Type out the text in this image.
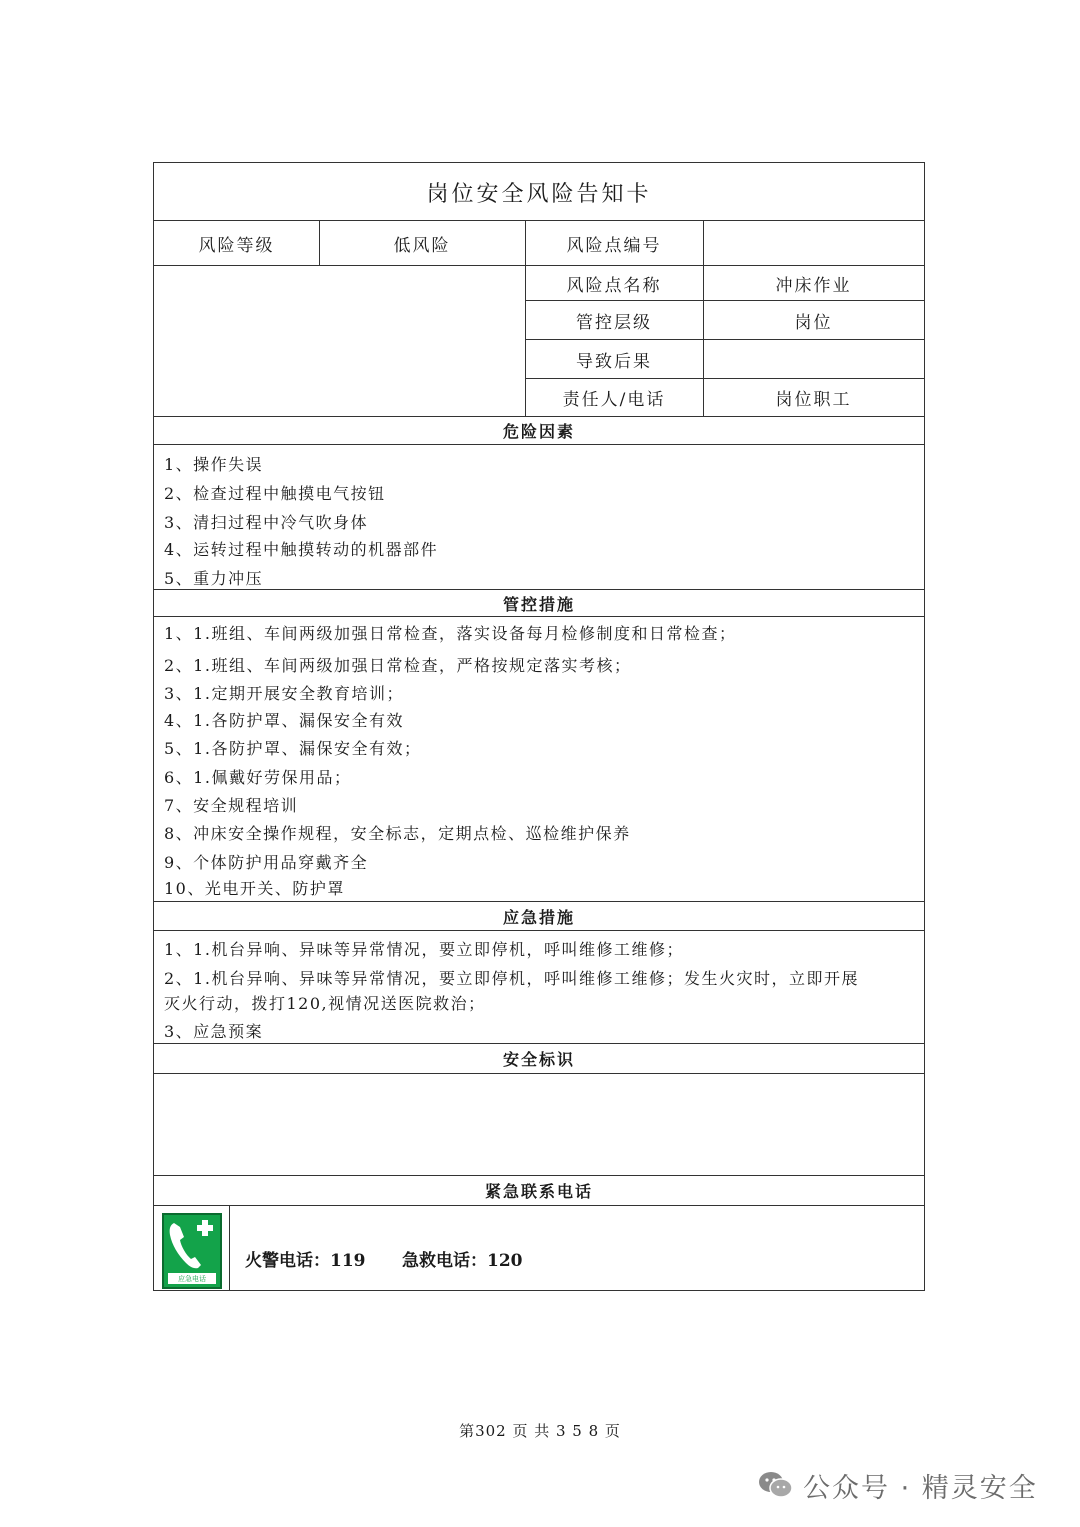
岗位安全风险告知卡
风险等级	低风险	风险点编号
风险点名称	冲床作业
管控层级	岗位
导致后果
责任人/电话	岗位职工
危险因素
1、操作失误
2、检查过程中触摸电气按钮
3、清扫过程中冷气吹身体
4、运转过程中触摸转动的机器部件
5、重力冲压
管控措施
1、1.班组、车间两级加强日常检查，落实设备每月检修制度和日常检查；
2、1.班组、车间两级加强日常检查，严格按规定落实考核；
3、1.定期开展安全教育培训；
4、1.各防护罩、漏保安全有效
5、1.各防护罩、漏保安全有效；
6、1.佩戴好劳保用品；
7、安全规程培训
8、冲床安全操作规程，安全标志，定期点检、巡检维护保养
9、个体防护用品穿戴齐全
10、光电开关、防护罩
应急措施
1、1.机台异响、异味等异常情况，要立即停机，呼叫维修工维修；
2、1.机台异响、异味等异常情况，要立即停机，呼叫维修工维修；发生火灾时，立即开展
灭火行动，拨打120,视情况送医院救治；
3、应急预案
安全标识
紧急联系电话
应急电话
火警电话：119 急救电话：120
第302 页 共 3 5 8 页
公众号 · 精灵安全
